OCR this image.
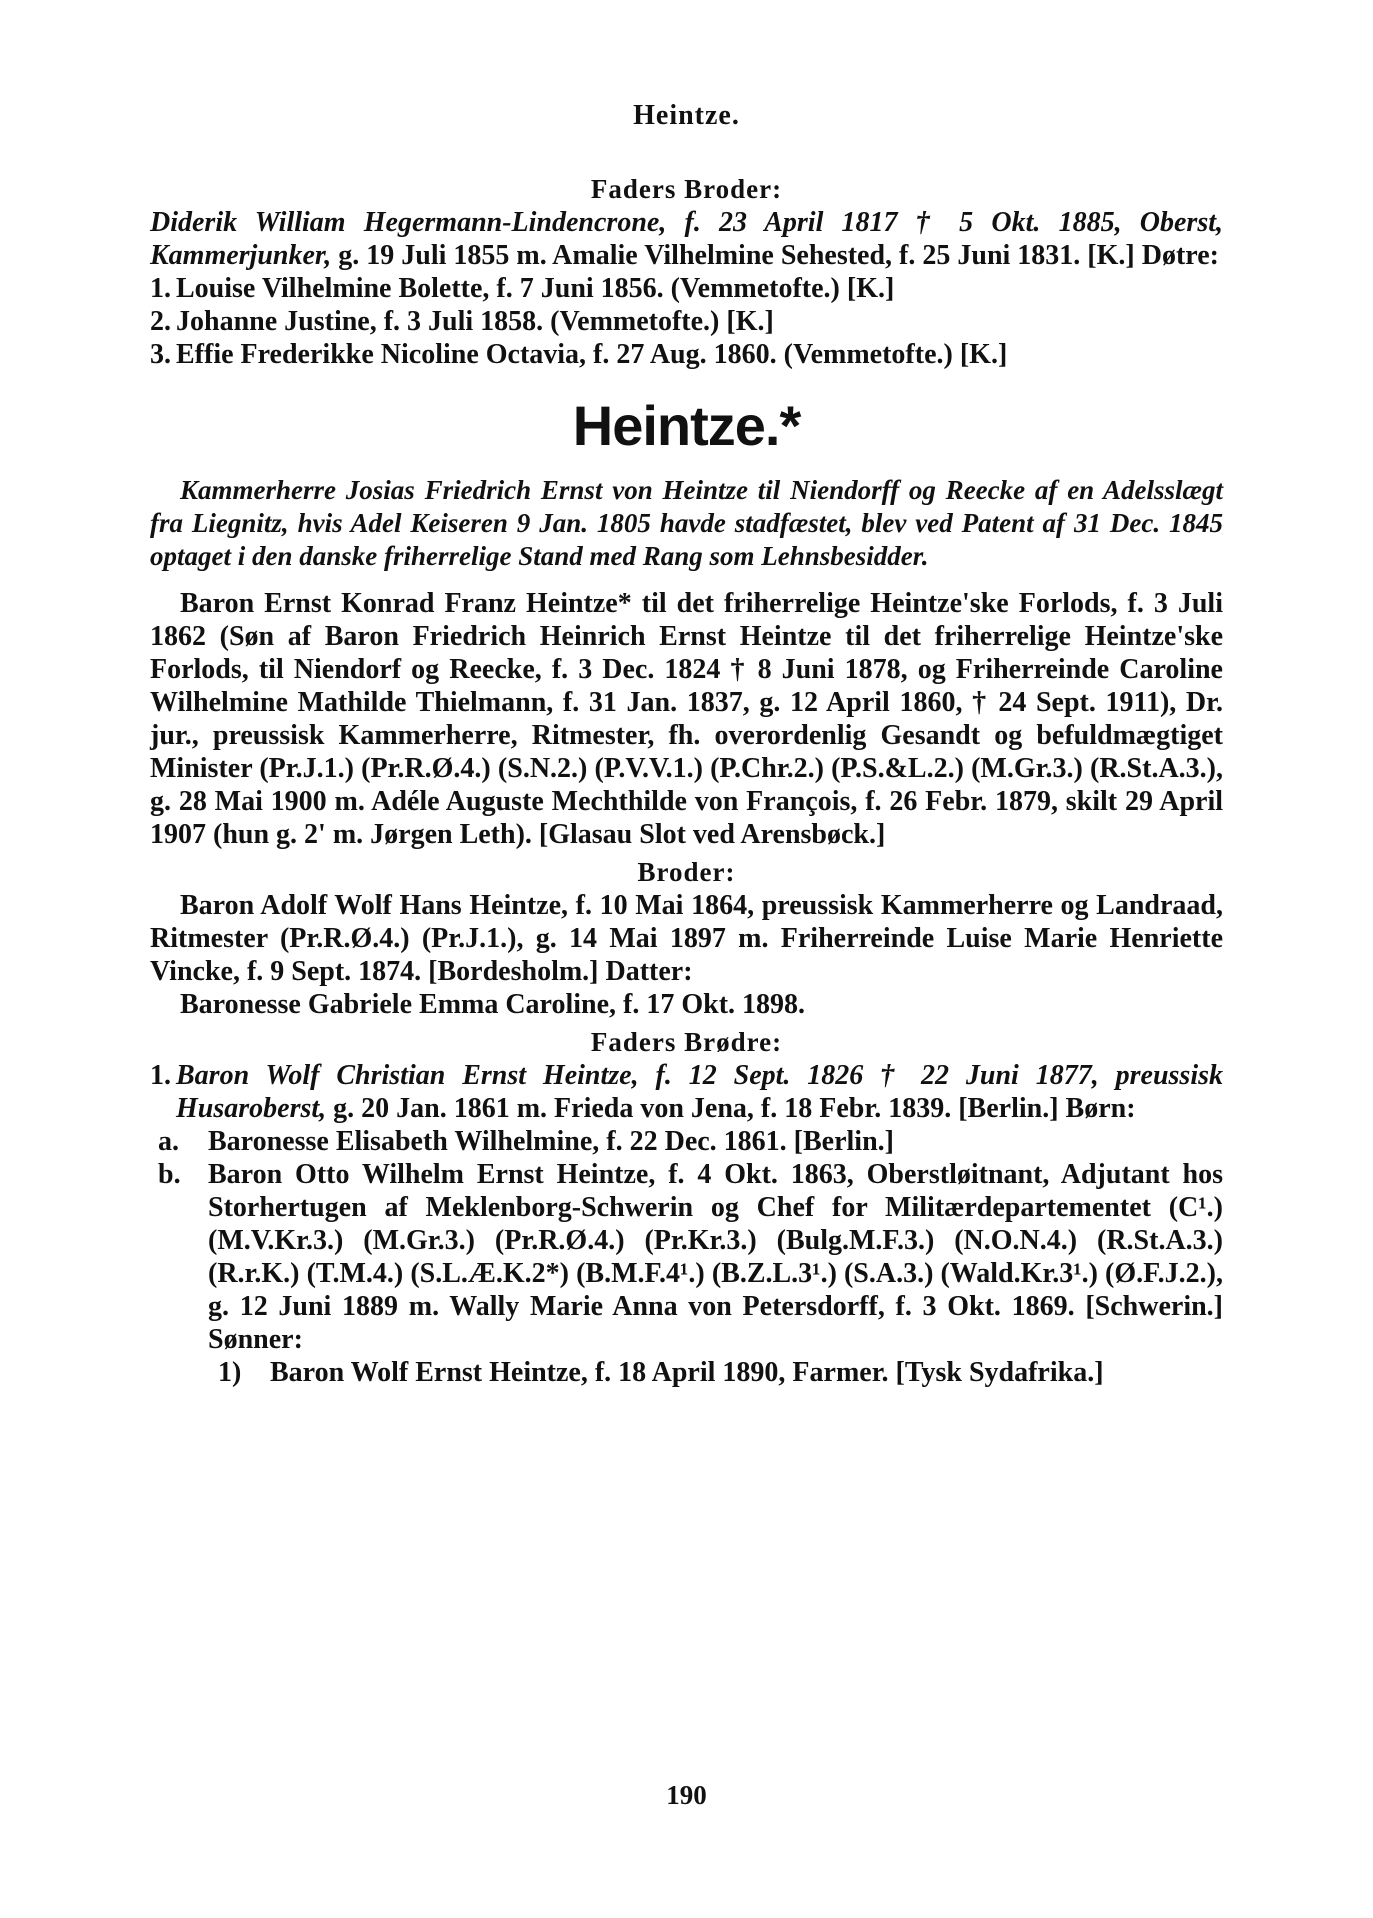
Heintze.
Faders Broder:

Diderik William Hegermann-Lindencrone, f. 23 April 1817 † 5 Okt. 1885, Oberst, Kammerjunker, g. 19 Juli 1855 m. Amalie Vilhelmine Sehested, f. 25 Juni 1831. [K.] Døtre:

1. Louise Vilhelmine Bolette, f. 7 Juni 1856. (Vemmetofte.) [K.]

2. Johanne Justine, f. 3 Juli 1858. (Vemmetofte.) [K.]

3. Effie Frederikke Nicoline Octavia, f. 27 Aug. 1860. (Vemmetofte.) [K.]

Heintze.*

Kammerherre Josias Friedrich Ernst von Heintze til Niendorff og Reecke af en Adelsslægt fra Liegnitz, hvis Adel Keiseren 9 Jan. 1805 havde stadfæstet, blev ved Patent af 31 Dec. 1845 optaget i den danske friherrelige Stand med Rang som Lehnsbesidder.

Baron Ernst Konrad Franz Heintze* til det friherrelige Heintze'ske Forlods, f. 3 Juli 1862 (Søn af Baron Friedrich Heinrich Ernst Heintze til det friherrelige Heintze'ske Forlods, til Niendorf og Reecke, f. 3 Dec. 1824 † 8 Juni 1878, og Friherreinde Caroline Wilhelmine Mathilde Thielmann, f. 31 Jan. 1837, g. 12 April 1860, † 24 Sept. 1911), Dr. jur., preussisk Kammerherre, Ritmester, fh. overordenlig Gesandt og befuldmægtiget Minister (Pr.J.1.) (Pr.R.Ø.4.) (S.N.2.) (P.V.V.1.) (P.Chr.2.) (P.S.&L.2.) (M.Gr.3.) (R.St.A.3.), g. 28 Mai 1900 m. Adéle Auguste Mechthilde von François, f. 26 Febr. 1879, skilt 29 April 1907 (hun g. 2' m. Jørgen Leth). [Glasau Slot ved Arensbøck.]

Broder:

Baron Adolf Wolf Hans Heintze, f. 10 Mai 1864, preussisk Kammerherre og Landraad, Ritmester (Pr.R.Ø.4.) (Pr.J.1.), g. 14 Mai 1897 m. Friherreinde Luise Marie Henriette Vincke, f. 9 Sept. 1874. [Bordesholm.] Datter:

Baronesse Gabriele Emma Caroline, f. 17 Okt. 1898.

Faders Brødre:

1. Baron Wolf Christian Ernst Heintze, f. 12 Sept. 1826 † 22 Juni 1877, preussisk Husaroberst, g. 20 Jan. 1861 m. Frieda von Jena, f. 18 Febr. 1839. [Berlin.] Børn:

a. Baronesse Elisabeth Wilhelmine, f. 22 Dec. 1861. [Berlin.]

b. Baron Otto Wilhelm Ernst Heintze, f. 4 Okt. 1863, Oberstløitnant, Adjutant hos Storhertugen af Meklenborg-Schwerin og Chef for Militærdepartementet (C¹.) (M.V.Kr.3.) (M.Gr.3.) (Pr.R.Ø.4.) (Pr.Kr.3.) (Bulg.M.F.3.) (N.O.N.4.) (R.St.A.3.) (R.r.K.) (T.M.4.) (S.L.Æ.K.2*) (B.M.F.4¹.) (B.Z.L.3¹.) (S.A.3.) (Wald.Kr.3¹.) (Ø.F.J.2.), g. 12 Juni 1889 m. Wally Marie Anna von Petersdorff, f. 3 Okt. 1869. [Schwerin.] Sønner:

1) Baron Wolf Ernst Heintze, f. 18 April 1890, Farmer. [Tysk Sydafrika.]

190
